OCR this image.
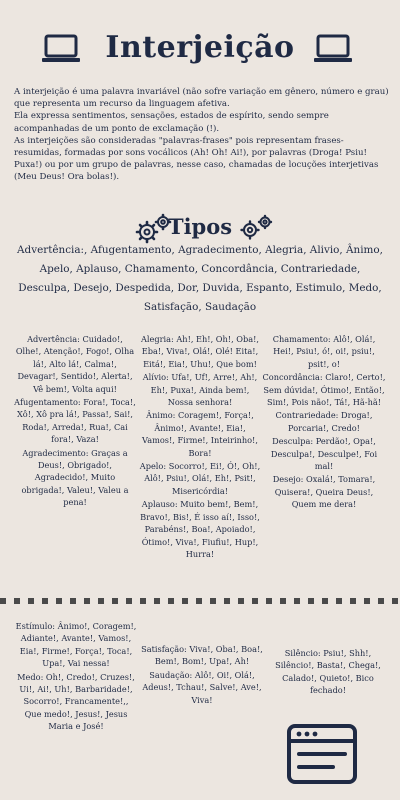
Interjeição

A interjeição é uma palavra invariável (não sofre variação em gênero, número e grau) que representa um recurso da linguagem afetiva.

Ela expressa sentimentos, sensações, estados de espírito, sendo sempre acompanhadas de um ponto de exclamação (!).

As interjeições são consideradas "palavras-frases" pois representam frases-resumidas, formadas por sons vocálicos (Ah! Oh! Ai!), por palavras (Droga! Psiu! Puxa!) ou por um grupo de palavras, nesse caso, chamadas de locuções interjetivas (Meu Deus! Ora bolas!).

Tipos
Advertência:, Afugentamento, Agradecimento, Alegria, Alivio, Ânimo, Apelo, Aplauso, Chamamento, Concordância, Contrariedade, Desculpa, Desejo, Despedida, Dor, Duvida, Espanto, Estimulo, Medo, Satisfação, Saudação

Advertência: Cuidado!, Olhe!, Atenção!, Fogo!, Olha lá!, Alto lá!, Calma!, Devagar!, Sentido!, Alerta!, Vê bem!, Volta aqui!

Afugentamento: Fora!, Toca!, Xô!, Xô pra lá!, Passa!, Sai!, Roda!, Arreda!, Rua!, Cai fora!, Vaza!

Agradecimento: Graças a Deus!, Obrigado!, Agradecido!, Muito obrigada!, Valeu!, Valeu a pena!

Alegria: Ah!, Eh!, Oh!, Oba!, Eba!, Viva!, Olá!, Olé! Eita!, Eitá!, Eia!, Uhu!, Que bom!

Alívio: Ufa!, Uf!, Arre!, Ah!, Eh!, Puxa!, Ainda bem!, Nossa senhora!

Ânimo: Coragem!, Força!, Ânimo!, Avante!, Eia!, Vamos!, Firme!, Inteirinho!, Bora!

Apelo: Socorro!, Ei!, Ó!, Oh!, Alô!, Psiu!, Olá!, Eh!, Psit!, Misericórdia!

Aplauso: Muito bem!, Bem!, Bravo!, Bis!, É isso aí!, Isso!, Parabéns!, Boa!, Apoiado!, Ótimo!, Viva!, Fiufiu!, Hup!, Hurra!

Chamamento: Alô!, Olá!, Hei!, Psiu!, ó!, oi!, psiu!, psit!, o!

Concordância: Claro!, Certo!, Sem dúvida!, Ótimo!, Então!, Sim!, Pois não!, Tá!, Hã-hã!

Contrariedade: Droga!, Porcaria!, Credo!

Desculpa: Perdão!, Opa!, Desculpa!, Desculpe!, Foi mal!

Desejo: Oxalá!, Tomara!, Quisera!, Queira Deus!, Quem me dera!

Estímulo: Ânimo!, Coragem!, Adiante!, Avante!, Vamos!, Eia!, Firme!, Força!, Toca!, Upa!, Vai nessa!

Medo: Oh!, Credo!, Cruzes!, Ui!, Ai!, Uh!, Barbaridade!, Socorro!, Francamente!,, Que medo!, Jesus!, Jesus Maria e José!

Satisfação: Viva!, Oba!, Boa!, Bem!, Bom!, Upa!, Ah!

Saudação: Alô!, Oi!, Olá!, Adeus!, Tchau!, Salve!, Ave!, Viva!

Silêncio: Psiu!, Shh!, Silêncio!, Basta!, Chega!, Calado!, Quieto!, Bico fechado!
